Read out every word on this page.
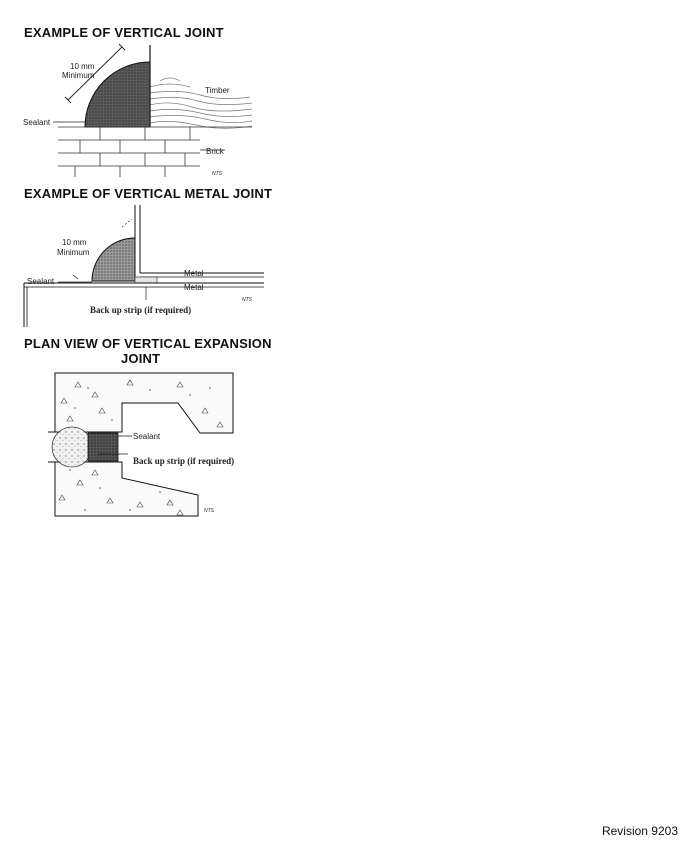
EXAMPLE OF VERTICAL JOINT
10 mm
Minimum
Timber
Sealant
Brick
NTS
EXAMPLE OF VERTICAL METAL JOINT
10 mm
Minimum
Sealant
Metal
Metal
Back up strip (if required)
NTS
PLAN VIEW OF VERTICAL EXPANSION
JOINT
Sealant
Back up strip (if required)
NTS
Revision 9203
